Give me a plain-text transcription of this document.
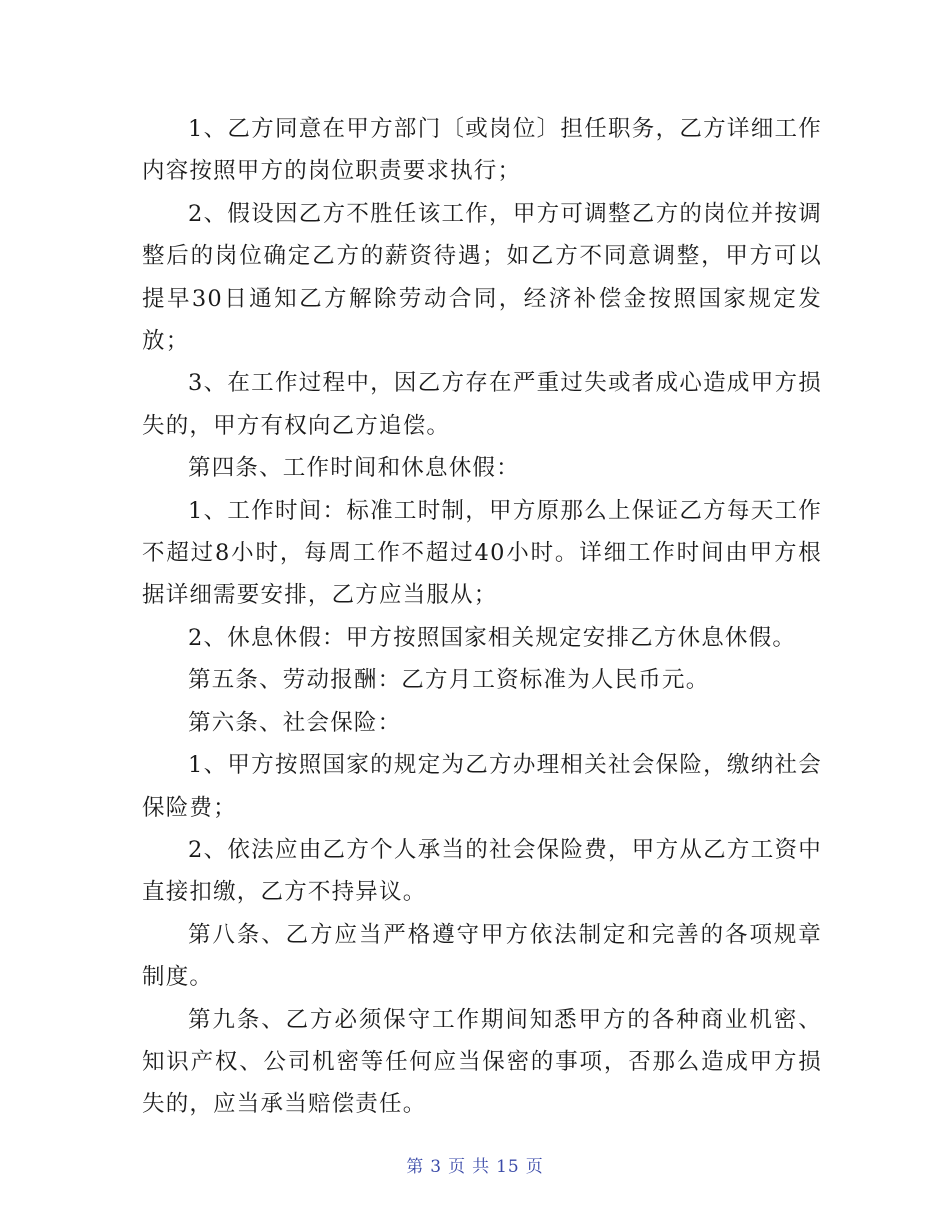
1、乙方同意在甲方部门〔或岗位〕担任职务，乙方详细工作内容按照甲方的岗位职责要求执行；

2、假设因乙方不胜任该工作，甲方可调整乙方的岗位并按调整后的岗位确定乙方的薪资待遇；如乙方不同意调整，甲方可以提早30日通知乙方解除劳动合同，经济补偿金按照国家规定发放；

3、在工作过程中，因乙方存在严重过失或者成心造成甲方损失的，甲方有权向乙方追偿。

第四条、工作时间和休息休假：

1、工作时间：标准工时制，甲方原那么上保证乙方每天工作不超过8小时，每周工作不超过40小时。详细工作时间由甲方根据详细需要安排，乙方应当服从；

2、休息休假：甲方按照国家相关规定安排乙方休息休假。

第五条、劳动报酬：乙方月工资标准为人民币元。

第六条、社会保险：

1、甲方按照国家的规定为乙方办理相关社会保险，缴纳社会保险费；

2、依法应由乙方个人承当的社会保险费，甲方从乙方工资中直接扣缴，乙方不持异议。

第八条、乙方应当严格遵守甲方依法制定和完善的各项规章制度。

第九条、乙方必须保守工作期间知悉甲方的各种商业机密、知识产权、公司机密等任何应当保密的事项，否那么造成甲方损失的，应当承当赔偿责任。

第 3 页 共 15 页
